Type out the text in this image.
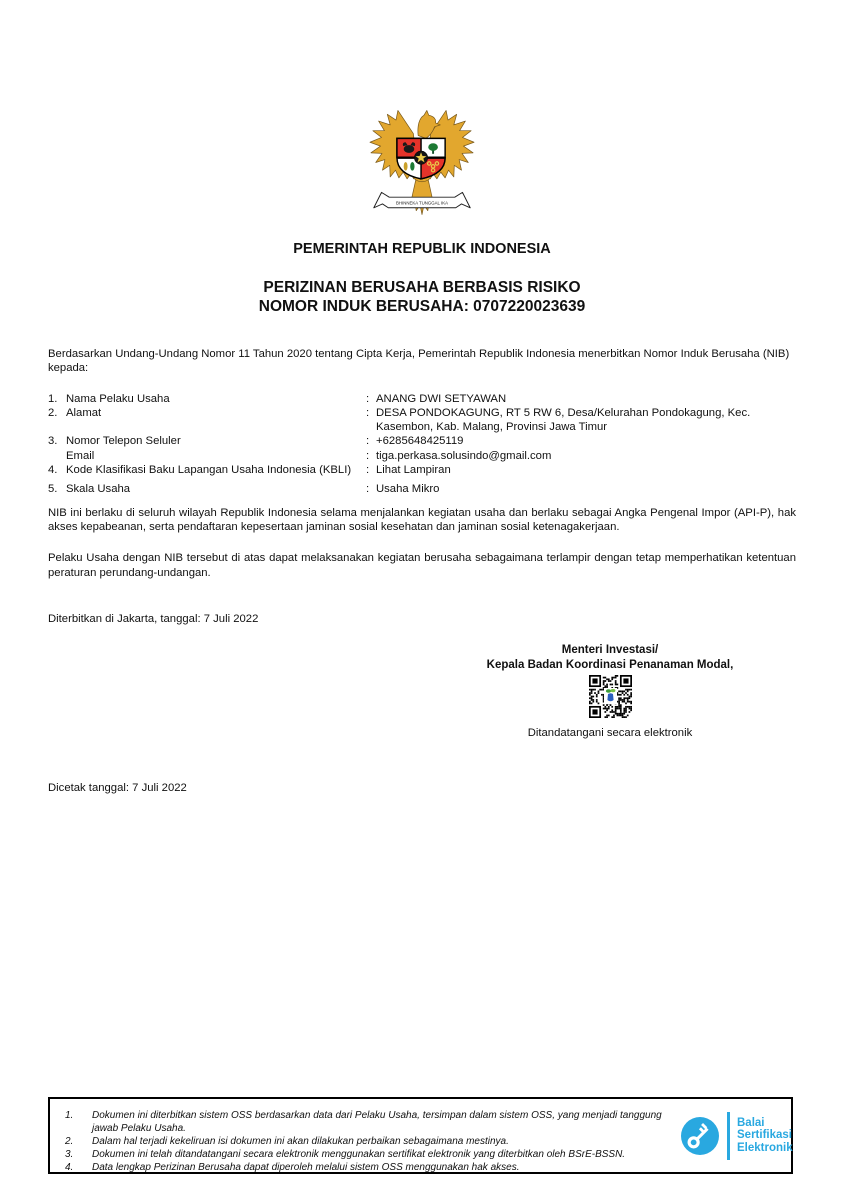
BHINNEKA TUNGGAL IKA
PEMERINTAH REPUBLIK INDONESIA
PERIZINAN BERUSAHA BERBASIS RISIKO
NOMOR INDUK BERUSAHA: 0707220023639
Berdasarkan Undang-Undang Nomor 11 Tahun 2020 tentang Cipta Kerja, Pemerintah Republik Indonesia menerbitkan Nomor Induk Berusaha (NIB) kepada:
1.	Nama Pelaku Usaha	:	ANANG DWI SETYAWAN
2.	Alamat	:	DESA PONDOKAGUNG, RT 5 RW 6, Desa/Kelurahan Pondokagung, Kec. Kasembon, Kab. Malang, Provinsi Jawa Timur
3.	Nomor Telepon Seluler	:	+6285648425119
	Email	:	tiga.perkasa.solusindo@gmail.com
4.	Kode Klasifikasi Baku Lapangan Usaha Indonesia (KBLI)	:	Lihat Lampiran
5.	Skala Usaha	:	Usaha Mikro
NIB ini berlaku di seluruh wilayah Republik Indonesia selama menjalankan kegiatan usaha dan berlaku sebagai Angka Pengenal Impor (API-P), hak akses kepabeanan, serta pendaftaran kepesertaan jaminan sosial kesehatan dan jaminan sosial ketenagakerjaan.
Pelaku Usaha dengan NIB tersebut di atas dapat melaksanakan kegiatan berusaha sebagaimana terlampir dengan tetap memperhatikan ketentuan peraturan perundang-undangan.
Diterbitkan di Jakarta, tanggal: 7 Juli 2022
Menteri Investasi/
Kepala Badan Koordinasi Penanaman Modal,
Ditandatangani secara elektronik
Dicetak tanggal: 7 Juli 2022
1.	Dokumen ini diterbitkan sistem OSS berdasarkan data dari Pelaku Usaha, tersimpan dalam sistem OSS, yang menjadi tanggung jawab Pelaku Usaha.
2.	Dalam hal terjadi kekeliruan isi dokumen ini akan dilakukan perbaikan sebagaimana mestinya.
3.	Dokumen ini telah ditandatangani secara elektronik menggunakan sertifikat elektronik yang diterbitkan oleh BSrE-BSSN.
4.	Data lengkap Perizinan Berusaha dapat diperoleh melalui sistem OSS menggunakan hak akses.
Balai
Sertifikasi
Elektronik
